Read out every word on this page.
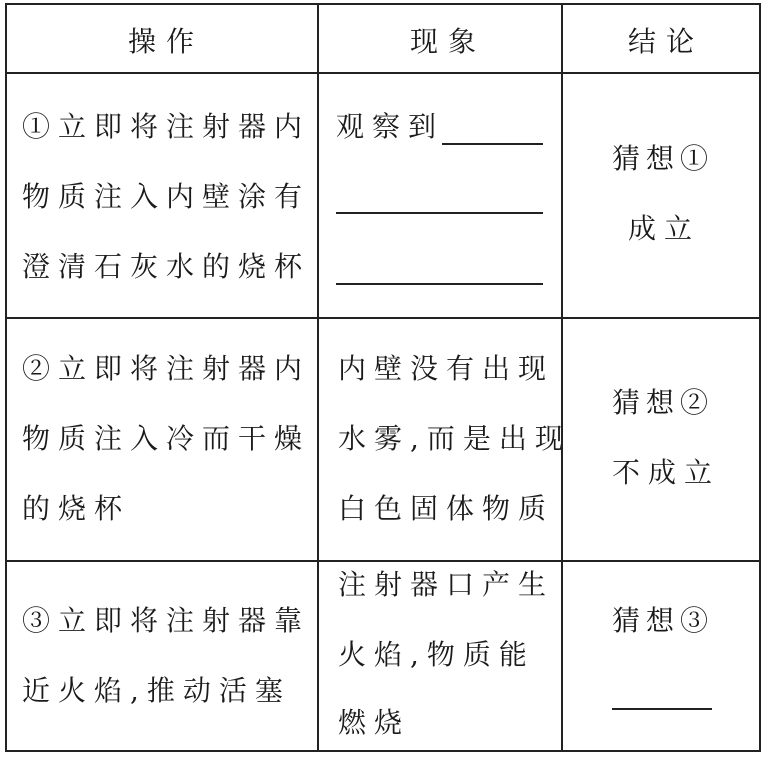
操作	现象	结论
①立即将注射器内
物质注入内壁涂有
澄清石灰水的烧杯
观察到
猜想①
成立
②立即将注射器内
物质注入冷而干燥
的烧杯
内壁没有出现
水雾,而是出现
白色固体物质
猜想②
不成立
③立即将注射器靠
近火焰,推动活塞
注射器口产生
火焰,物质能
燃烧
猜想③
